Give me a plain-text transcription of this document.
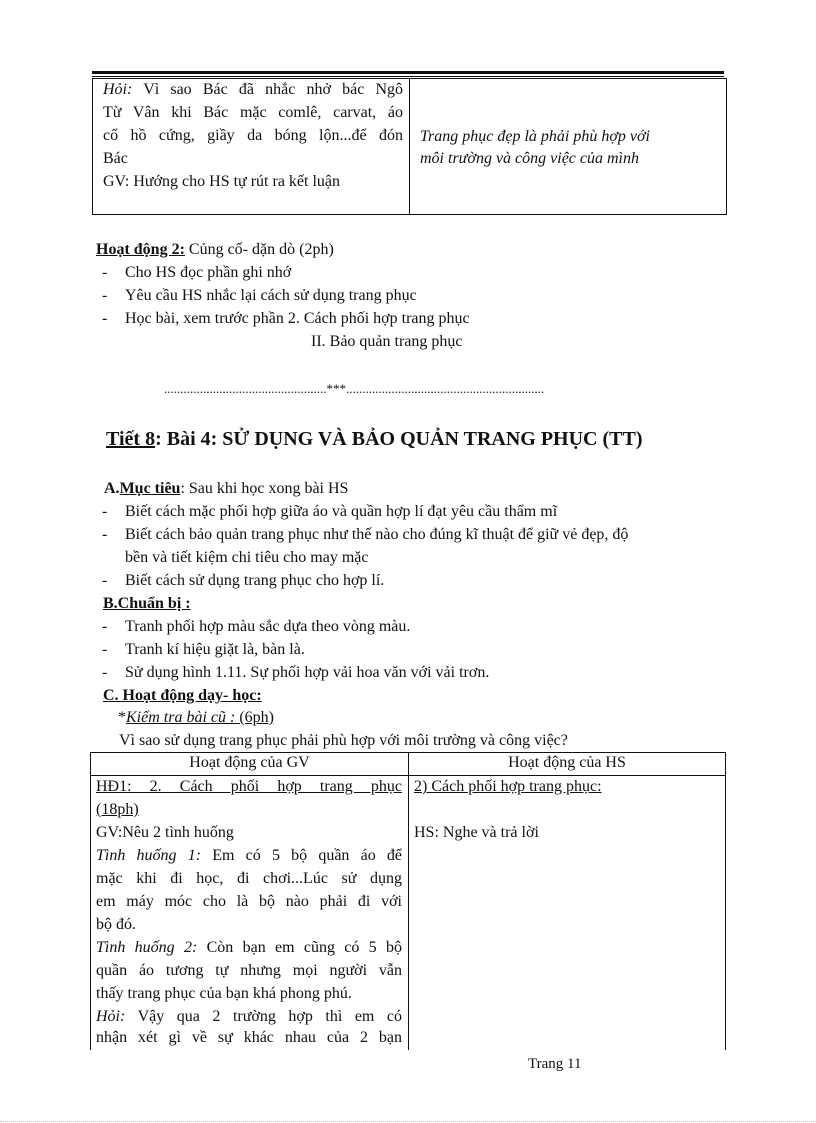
Hỏi: Vì sao Bác đã nhắc nhở bác Ngô
Từ Vân khi Bác mặc comlê, carvat, áo
cổ hồ cứng, giầy da bóng lộn...để đón
Bác
GV: Hướng cho HS tự rút ra kết luận
Trang phục đẹp là phải phù hợp với
môi trường và công việc của mình
Hoạt động 2: Củng cố- dặn dò (2ph)
- Cho HS đọc phần ghi nhớ
- Yêu cầu HS nhắc lại cách sử dụng trang phục
- Học bài, xem trước phần 2. Cách phối hợp trang phục
II. Bảo quản trang phục
..................................................***.............................................................
Tiết 8: Bài 4: SỬ DỤNG VÀ BẢO QUẢN TRANG PHỤC (TT)
A.Mục tiêu: Sau khi học xong bài HS
- Biết cách mặc phối hợp giữa áo và quần hợp lí đạt yêu cầu thẩm mĩ
- Biết cách bảo quản trang phục như thế nào cho đúng kĩ thuật để giữ vẻ đẹp, độ
bền và tiết kiệm chi tiêu cho may mặc
- Biết cách sử dụng trang phục cho hợp lí.
B.Chuẩn bị :
- Tranh phối hợp màu sắc dựa theo vòng màu.
- Tranh kí hiệu giặt là, bàn là.
- Sử dụng hình 1.11. Sự phối hợp vải hoa văn với vải trơn.
C. Hoạt động dạy- học:
*Kiểm tra bài cũ : (6ph)
Vì sao sử dụng trang phục phải phù hợp với môi trường và công việc?
Hoạt động của GV	Hoạt động của HS
HĐ1: 2. Cách phối hợp trang phục
(18ph)
GV:Nêu 2 tình huống
Tình huống 1: Em có 5 bộ quần áo để
mặc khi đi học, đi chơi...Lúc sử dụng
em máy móc cho là bộ nào phải đi với
bộ đó.
Tình huống 2: Còn bạn em cũng có 5 bộ
quần áo tương tự nhưng mọi người vẫn
thấy trang phục của bạn khá phong phú.
Hỏi: Vậy qua 2 trường hợp thì em có
nhận xét gì về sự khác nhau của 2 bạn
2) Cách phối hợp trang phục:
HS: Nghe và trả lời
Trang 11
